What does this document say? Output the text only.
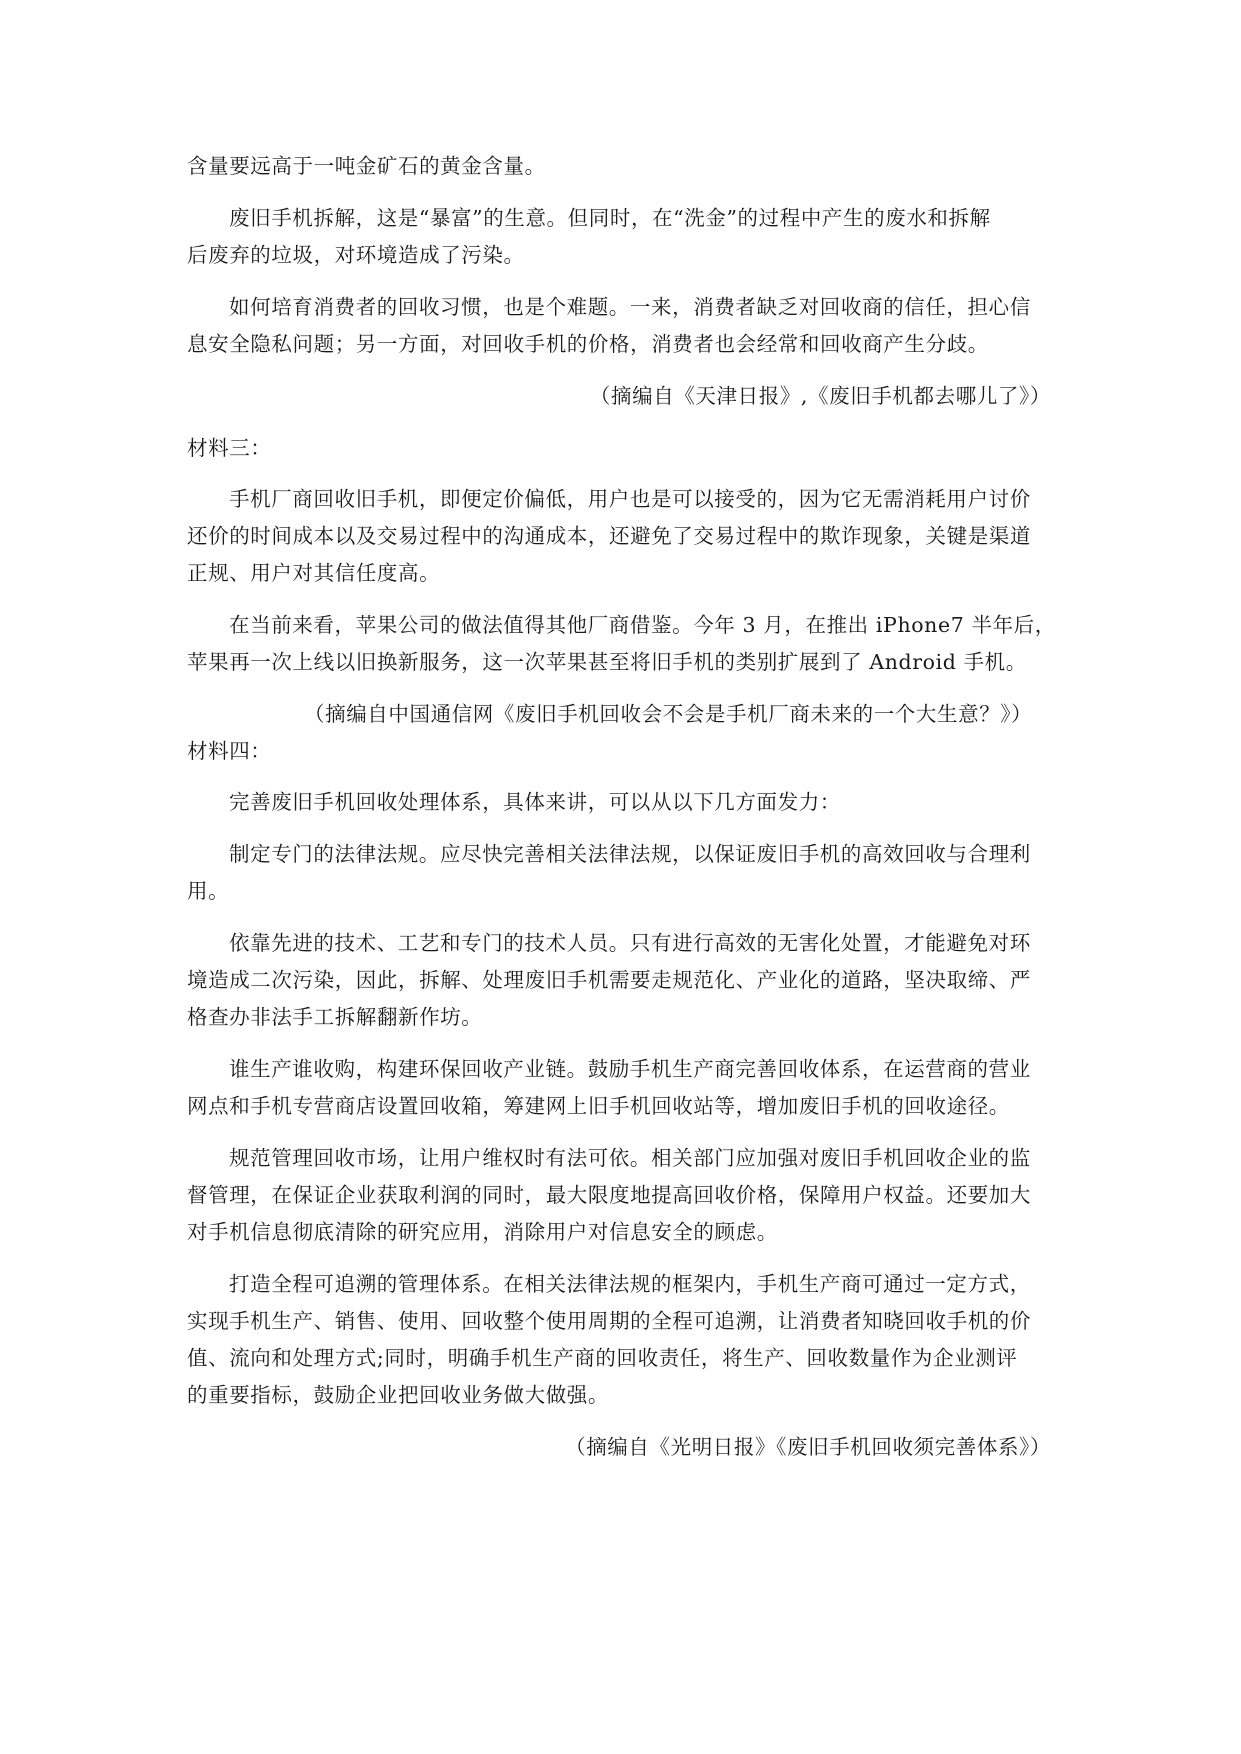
含量要远高于一吨金矿石的黄金含量。
废旧手机拆解，这是“暴富”的生意。但同时，在“洗金”的过程中产生的废水和拆解
后废弃的垃圾，对环境造成了污染。
如何培育消费者的回收习惯，也是个难题。一来，消费者缺乏对回收商的信任，担心信
息安全隐私问题；另一方面，对回收手机的价格，消费者也会经常和回收商产生分歧。
（摘编自《天津日报》,《废旧手机都去哪儿了》）
材料三：
手机厂商回收旧手机，即便定价偏低，用户也是可以接受的，因为它无需消耗用户讨价
还价的时间成本以及交易过程中的沟通成本，还避免了交易过程中的欺诈现象，关键是渠道
正规、用户对其信任度高。
在当前来看，苹果公司的做法值得其他厂商借鉴。今年 3 月，在推出 iPhone7 半年后，
苹果再一次上线以旧换新服务，这一次苹果甚至将旧手机的类别扩展到了 Android 手机。
（摘编自中国通信网《废旧手机回收会不会是手机厂商未来的一个大生意？》）
材料四：
完善废旧手机回收处理体系，具体来讲，可以从以下几方面发力：
制定专门的法律法规。应尽快完善相关法律法规，以保证废旧手机的高效回收与合理利
用。
依靠先进的技术、工艺和专门的技术人员。只有进行高效的无害化处置，才能避免对环
境造成二次污染，因此，拆解、处理废旧手机需要走规范化、产业化的道路，坚决取缔、严
格查办非法手工拆解翻新作坊。
谁生产谁收购，构建环保回收产业链。鼓励手机生产商完善回收体系，在运营商的营业
网点和手机专营商店设置回收箱，筹建网上旧手机回收站等，增加废旧手机的回收途径。
规范管理回收市场，让用户维权时有法可依。相关部门应加强对废旧手机回收企业的监
督管理，在保证企业获取利润的同时，最大限度地提高回收价格，保障用户权益。还要加大
对手机信息彻底清除的研究应用，消除用户对信息安全的顾虑。
打造全程可追溯的管理体系。在相关法律法规的框架内，手机生产商可通过一定方式，
实现手机生产、销售、使用、回收整个使用周期的全程可追溯，让消费者知晓回收手机的价
值、流向和处理方式;同时，明确手机生产商的回收责任，将生产、回收数量作为企业测评
的重要指标，鼓励企业把回收业务做大做强。
（摘编自《光明日报》《废旧手机回收须完善体系》）
